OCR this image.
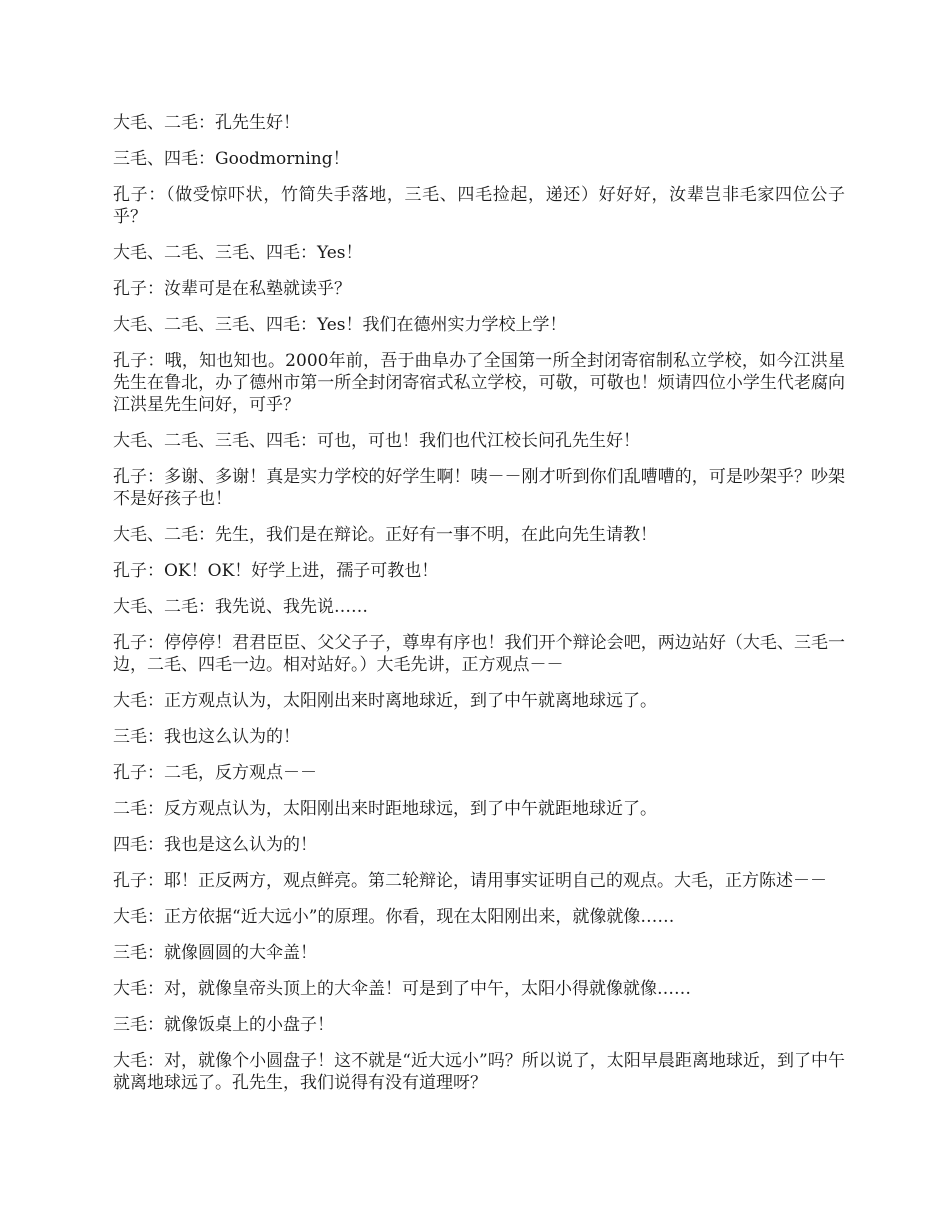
大毛、二毛：孔先生好！

三毛、四毛：Goodmorning！

孔子：（做受惊吓状，竹简失手落地，三毛、四毛捡起，递还）好好好，汝辈岂非毛家四位公子乎？

大毛、二毛、三毛、四毛：Yes！

孔子：汝辈可是在私塾就读乎？

大毛、二毛、三毛、四毛：Yes！我们在德州实力学校上学！

孔子：哦，知也知也。2000年前，吾于曲阜办了全国第一所全封闭寄宿制私立学校，如今江洪星先生在鲁北，办了德州市第一所全封闭寄宿式私立学校，可敬，可敬也！烦请四位小学生代老腐向江洪星先生问好，可乎？

大毛、二毛、三毛、四毛：可也，可也！我们也代江校长问孔先生好！

孔子：多谢、多谢！真是实力学校的好学生啊！咦－－刚才听到你们乱嘈嘈的，可是吵架乎？吵架不是好孩子也！

大毛、二毛：先生，我们是在辩论。正好有一事不明，在此向先生请教！

孔子：OK！OK！好学上进，孺子可教也！

大毛、二毛：我先说、我先说……

孔子：停停停！君君臣臣、父父子子，尊卑有序也！我们开个辩论会吧，两边站好（大毛、三毛一边，二毛、四毛一边。相对站好。）大毛先讲，正方观点－－

大毛：正方观点认为，太阳刚出来时离地球近，到了中午就离地球远了。

三毛：我也这么认为的！

孔子：二毛，反方观点－－

二毛：反方观点认为，太阳刚出来时距地球远，到了中午就距地球近了。

四毛：我也是这么认为的！

孔子：耶！正反两方，观点鲜亮。第二轮辩论，请用事实证明自己的观点。大毛，正方陈述－－

大毛：正方依据“近大远小”的原理。你看，现在太阳刚出来，就像就像……

三毛：就像圆圆的大伞盖！

大毛：对，就像皇帝头顶上的大伞盖！可是到了中午，太阳小得就像就像……

三毛：就像饭桌上的小盘子！

大毛：对，就像个小圆盘子！这不就是“近大远小”吗？所以说了，太阳早晨距离地球近，到了中午就离地球远了。孔先生，我们说得有没有道理呀？
